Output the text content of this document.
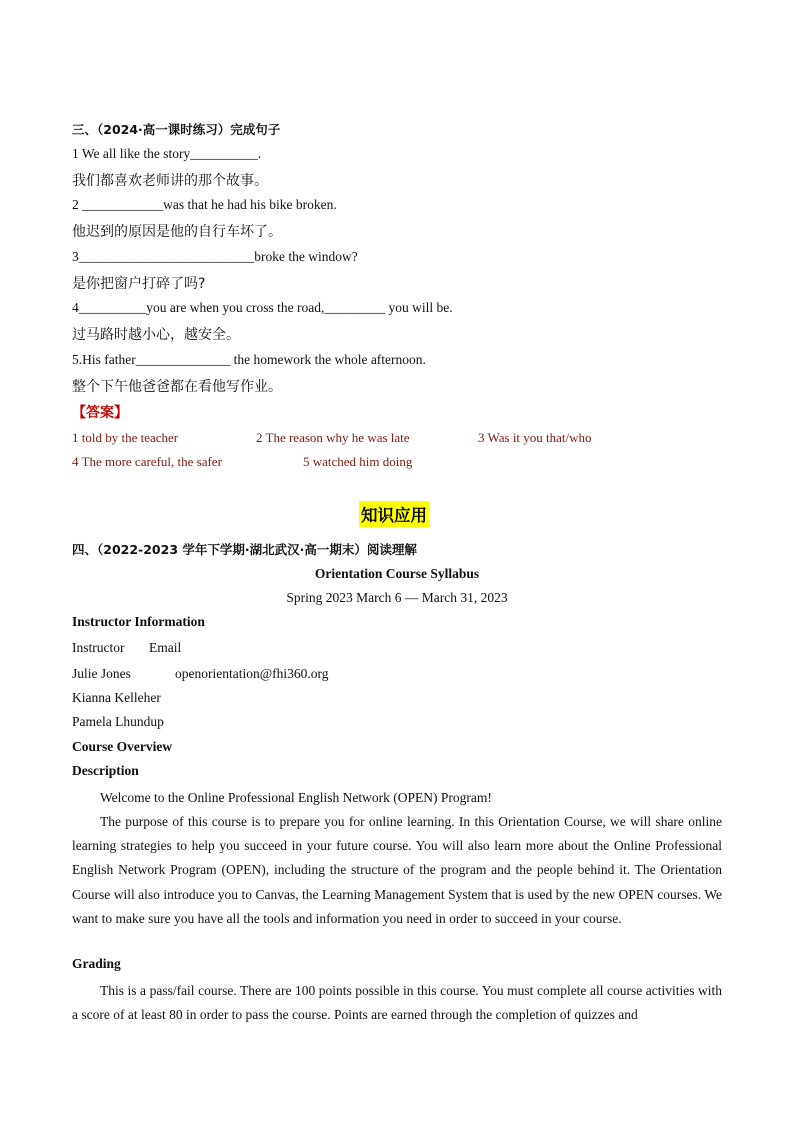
三、（2024·高一课时练习）完成句子
1 We all like the story__________.
我们都喜欢老师讲的那个故事。
2 ____________was that he had his bike broken.
他迟到的原因是他的自行车坏了。
3__________________________broke the window?
是你把窗户打碎了吗?
4__________you are when you cross the road,_________ you will be.
过马路时越小心，越安全。
5.His father______________ the homework the whole afternoon.
整个下午他爸爸都在看他写作业。
【答案】
1 told by the teacher	2 The reason why he was late	3 Was it you that/who
4 The more careful, the safer	5 watched him doing
知识应用
四、（2022-2023 学年下学期·湖北武汉·高一期末）阅读理解
Orientation Course Syllabus
Spring 2023 March 6 — March 31, 2023
Instructor Information
Instructor Email
Julie Jones	openorientation@fhi360.org
Kianna Kelleher
Pamela Lhundup
Course Overview
Description
Welcome to the Online Professional English Network (OPEN) Program!
The purpose of this course is to prepare you for online learning. In this Orientation Course, we will share online learning strategies to help you succeed in your future course. You will also learn more about the Online Professional English Network Program (OPEN), including the structure of the program and the people behind it. The Orientation Course will also introduce you to Canvas, the Learning Management System that is used by the new OPEN courses. We want to make sure you have all the tools and information you need in order to succeed in your course.
Grading
This is a pass/fail course. There are 100 points possible in this course. You must complete all course activities with a score of at least 80 in order to pass the course. Points are earned through the completion of quizzes and
